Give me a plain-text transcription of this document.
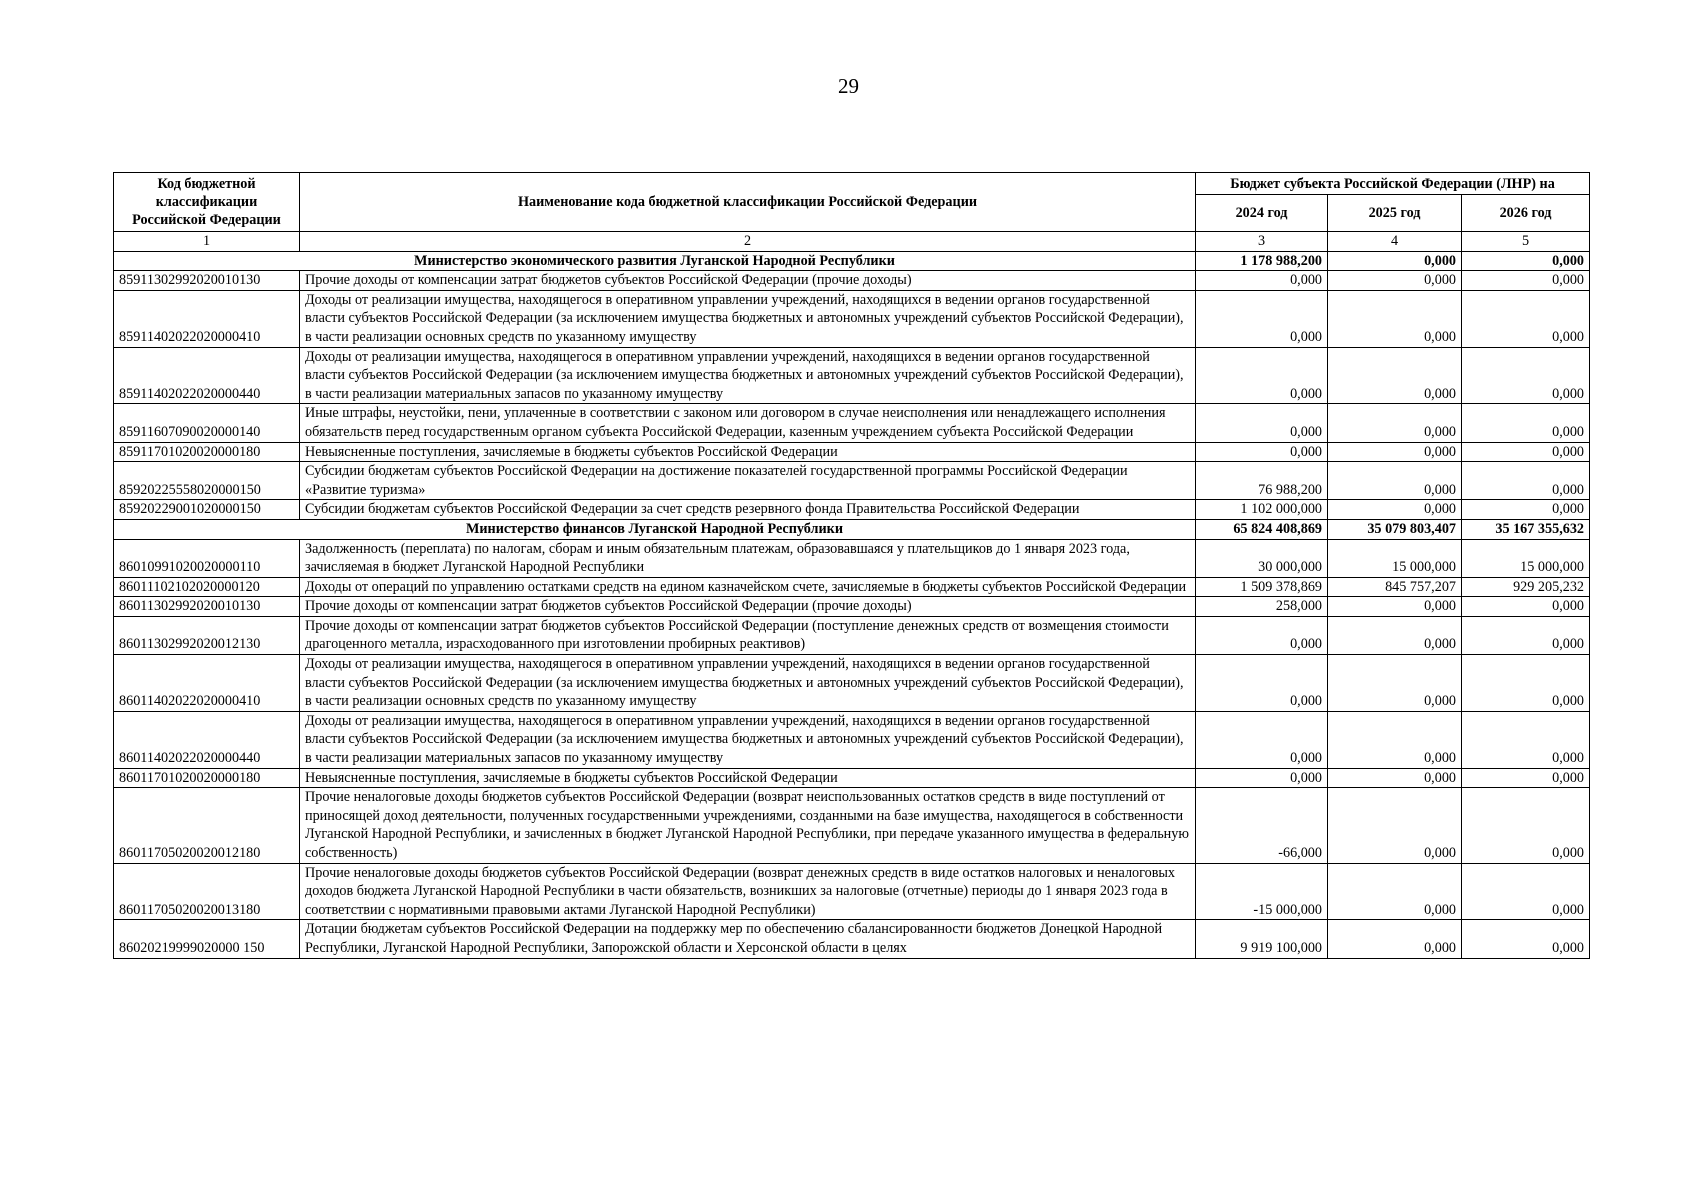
29
Код бюджетной классификации Российской Федерации	Наименование кода бюджетной классификации Российской Федерации	Бюджет субъекта Российской Федерации (ЛНР) на		
		2024 год	2025 год	2026 год
1	2	3	4	5
Министерство экономического развития Луганской Народной Республики		1 178 988,200	0,000	0,000
85911302992020010130	Прочие доходы от компенсации затрат бюджетов субъектов Российской Федерации (прочие доходы)	0,000	0,000	0,000
85911402022020000410	Доходы от реализации имущества, находящегося в оперативном управлении учреждений, находящихся в ведении органов государственной власти субъектов Российской Федерации (за исключением имущества бюджетных и автономных учреждений субъектов Российской Федерации), в части реализации основных средств по указанному имуществу	0,000	0,000	0,000
85911402022020000440	Доходы от реализации имущества, находящегося в оперативном управлении учреждений, находящихся в ведении органов государственной власти субъектов Российской Федерации (за исключением имущества бюджетных и автономных учреждений субъектов Российской Федерации), в части реализации материальных запасов по указанному имуществу	0,000	0,000	0,000
85911607090020000140	Иные штрафы, неустойки, пени, уплаченные в соответствии с законом или договором в случае неисполнения или ненадлежащего исполнения обязательств перед государственным органом субъекта Российской Федерации, казенным учреждением субъекта Российской Федерации	0,000	0,000	0,000
85911701020020000180	Невыясненные поступления, зачисляемые в бюджеты субъектов Российской Федерации	0,000	0,000	0,000
85920225558020000150	Субсидии бюджетам субъектов Российской Федерации на достижение показателей государственной программы Российской Федерации «Развитие туризма»	76 988,200	0,000	0,000
85920229001020000150	Субсидии бюджетам субъектов Российской Федерации за счет средств резервного фонда Правительства Российской Федерации	1 102 000,000	0,000	0,000
Министерство финансов Луганской Народной Республики		65 824 408,869	35 079 803,407	35 167 355,632
86010991020020000110	Задолженность (переплата) по налогам, сборам и иным обязательным платежам, образовавшаяся у плательщиков до 1 января 2023 года, зачисляемая в бюджет Луганской Народной Республики	30 000,000	15 000,000	15 000,000
86011102102020000120	Доходы от операций по управлению остатками средств на едином казначейском счете, зачисляемые в бюджеты субъектов Российской Федерации	1 509 378,869	845 757,207	929 205,232
86011302992020010130	Прочие доходы от компенсации затрат бюджетов субъектов Российской Федерации (прочие доходы)	258,000	0,000	0,000
86011302992020012130	Прочие доходы от компенсации затрат бюджетов субъектов Российской Федерации (поступление денежных средств от возмещения стоимости драгоценного металла, израсходованного при изготовлении пробирных реактивов)	0,000	0,000	0,000
86011402022020000410	Доходы от реализации имущества, находящегося в оперативном управлении учреждений, находящихся в ведении органов государственной власти субъектов Российской Федерации (за исключением имущества бюджетных и автономных учреждений субъектов Российской Федерации), в части реализации основных средств по указанному имуществу	0,000	0,000	0,000
86011402022020000440	Доходы от реализации имущества, находящегося в оперативном управлении учреждений, находящихся в ведении органов государственной власти субъектов Российской Федерации (за исключением имущества бюджетных и автономных учреждений субъектов Российской Федерации), в части реализации материальных запасов по указанному имуществу	0,000	0,000	0,000
86011701020020000180	Невыясненные поступления, зачисляемые в бюджеты субъектов Российской Федерации	0,000	0,000	0,000
86011705020020012180	Прочие неналоговые доходы бюджетов субъектов Российской Федерации (возврат неиспользованных остатков средств в виде поступлений от приносящей доход деятельности, полученных государственными учреждениями, созданными на базе имущества, находящегося в собственности Луганской Народной Республики, и зачисленных в бюджет Луганской Народной Республики, при передаче указанного имущества в федеральную собственность)	-66,000	0,000	0,000
86011705020020013180	Прочие неналоговые доходы бюджетов субъектов Российской Федерации (возврат денежных средств в виде остатков налоговых и неналоговых доходов бюджета Луганской Народной Республики в части обязательств, возникших за налоговые (отчетные) периоды до 1 января 2023 года в соответствии с нормативными правовыми актами Луганской Народной Республики)	-15 000,000	0,000	0,000
86020219999020000 150	Дотации бюджетам субъектов Российской Федерации на поддержку мер по обеспечению сбалансированности бюджетов Донецкой Народной Республики, Луганской Народной Республики, Запорожской области и Херсонской области в целях	9 919 100,000	0,000	0,000
